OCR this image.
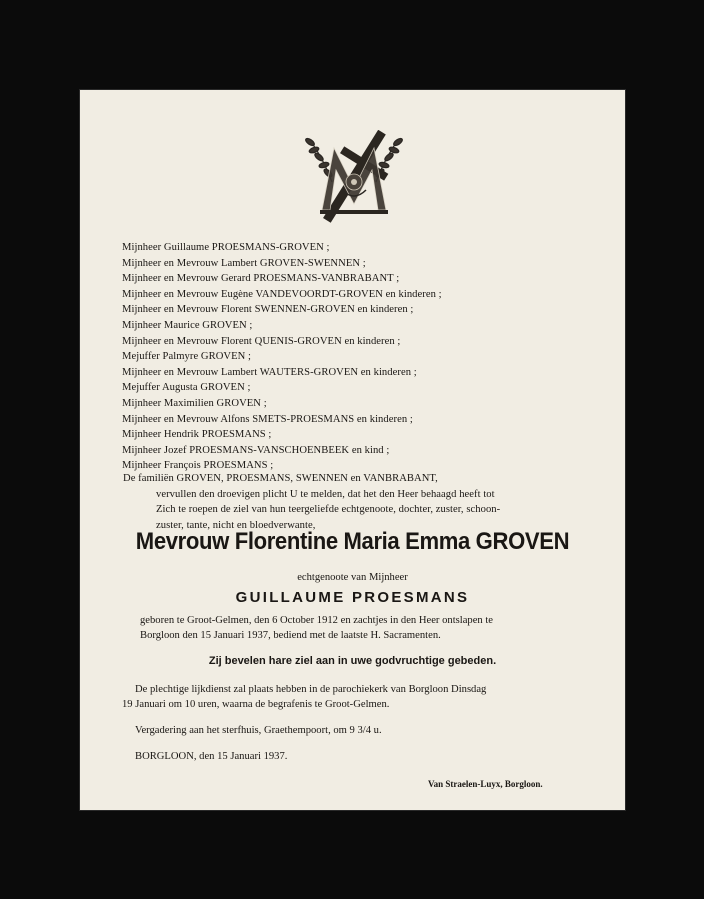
Mijnheer Guillaume PROESMANS-GROVEN ;
Mijnheer en Mevrouw Lambert GROVEN-SWENNEN ;
Mijnheer en Mevrouw Gerard PROESMANS-VANBRABANT ;
Mijnheer en Mevrouw Eugène VANDEVOORDT-GROVEN en kinderen ;
Mijnheer en Mevrouw Florent SWENNEN-GROVEN en kinderen ;
Mijnheer Maurice GROVEN ;
Mijnheer en Mevrouw Florent QUENIS-GROVEN en kinderen ;
Mejuffer Palmyre GROVEN ;
Mijnheer en Mevrouw Lambert WAUTERS-GROVEN en kinderen ;
Mejuffer Augusta GROVEN ;
Mijnheer Maximilien GROVEN ;
Mijnheer en Mevrouw Alfons SMETS-PROESMANS en kinderen ;
Mijnheer Hendrik PROESMANS ;
Mijnheer Jozef PROESMANS-VANSCHOENBEEK en kind ;
Mijnheer François PROESMANS ;
De familiën GROVEN, PROESMANS, SWENNEN en VANBRABANT,
vervullen den droevigen plicht U te melden, dat het den Heer behaagd heeft tot
Zich te roepen de ziel van hun teergeliefde echtgenoote, dochter, zuster, schoon-
zuster, tante, nicht en bloedverwante,
Mevrouw Florentine Maria Emma GROVEN
echtgenoote van Mijnheer
GUILLAUME PROESMANS
geboren te Groot-Gelmen, den 6 October 1912 en zachtjes in den Heer ontslapen te
Borgloon den 15 Januari 1937, bediend met de laatste H. Sacramenten.
Zij bevelen hare ziel aan in uwe godvruchtige gebeden.
De plechtige lijkdienst zal plaats hebben in de parochiekerk van Borgloon Dinsdag
19 Januari om 10 uren, waarna de begrafenis te Groot-Gelmen.
Vergadering aan het sterfhuis, Graethempoort, om 9 3/4 u.
BORGLOON, den 15 Januari 1937.
Van Straelen-Luyx, Borgloon.
